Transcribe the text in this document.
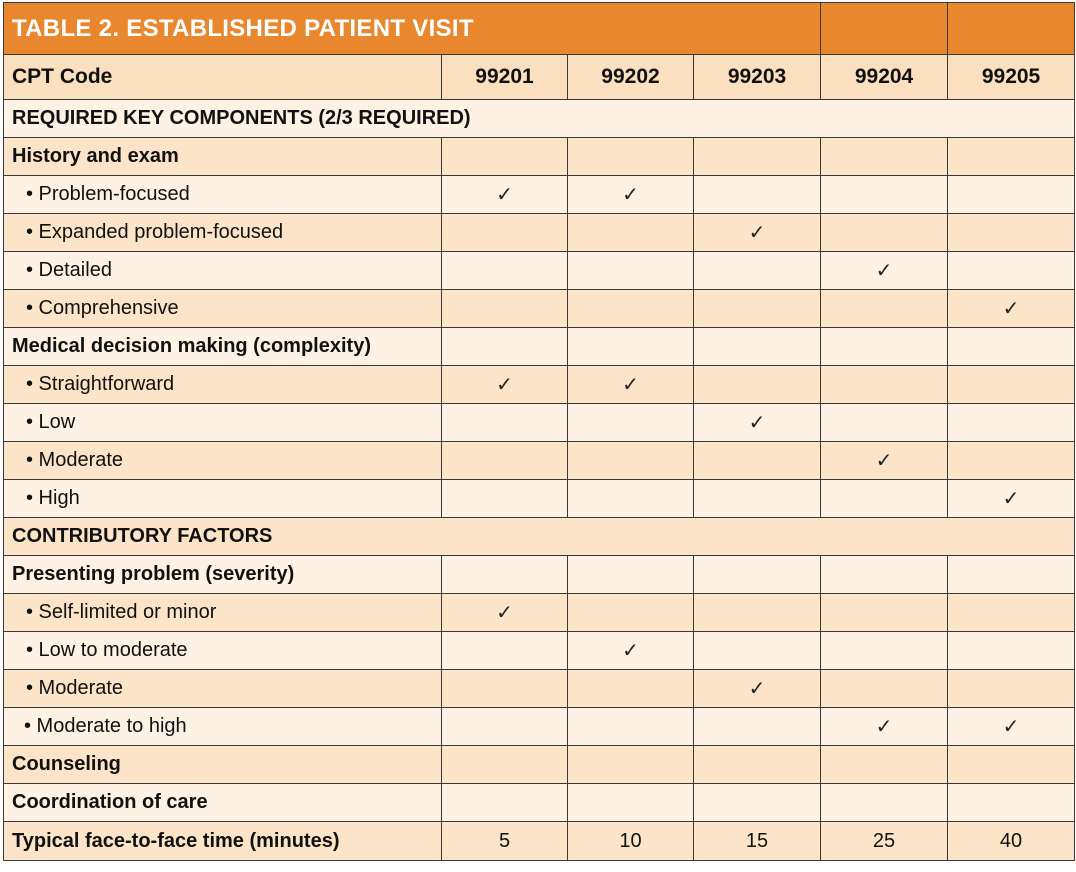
TABLE 2. ESTABLISHED PATIENT VISIT					
CPT Code	99201	99202	99203	99204	99205
REQUIRED KEY COMPONENTS (2/3 REQUIRED)					
History and exam					
• Problem-focused	✓	✓			
• Expanded problem-focused			✓		
• Detailed				✓	
• Comprehensive					✓
Medical decision making (complexity)					
• Straightforward	✓	✓			
• Low			✓		
• Moderate				✓	
• High					✓
CONTRIBUTORY FACTORS					
Presenting problem (severity)					
• Self-limited or minor	✓				
• Low to moderate		✓			
• Moderate			✓		
• Moderate to high				✓	✓
Counseling					
Coordination of care					
Typical face-to-face time (minutes)	5	10	15	25	40
